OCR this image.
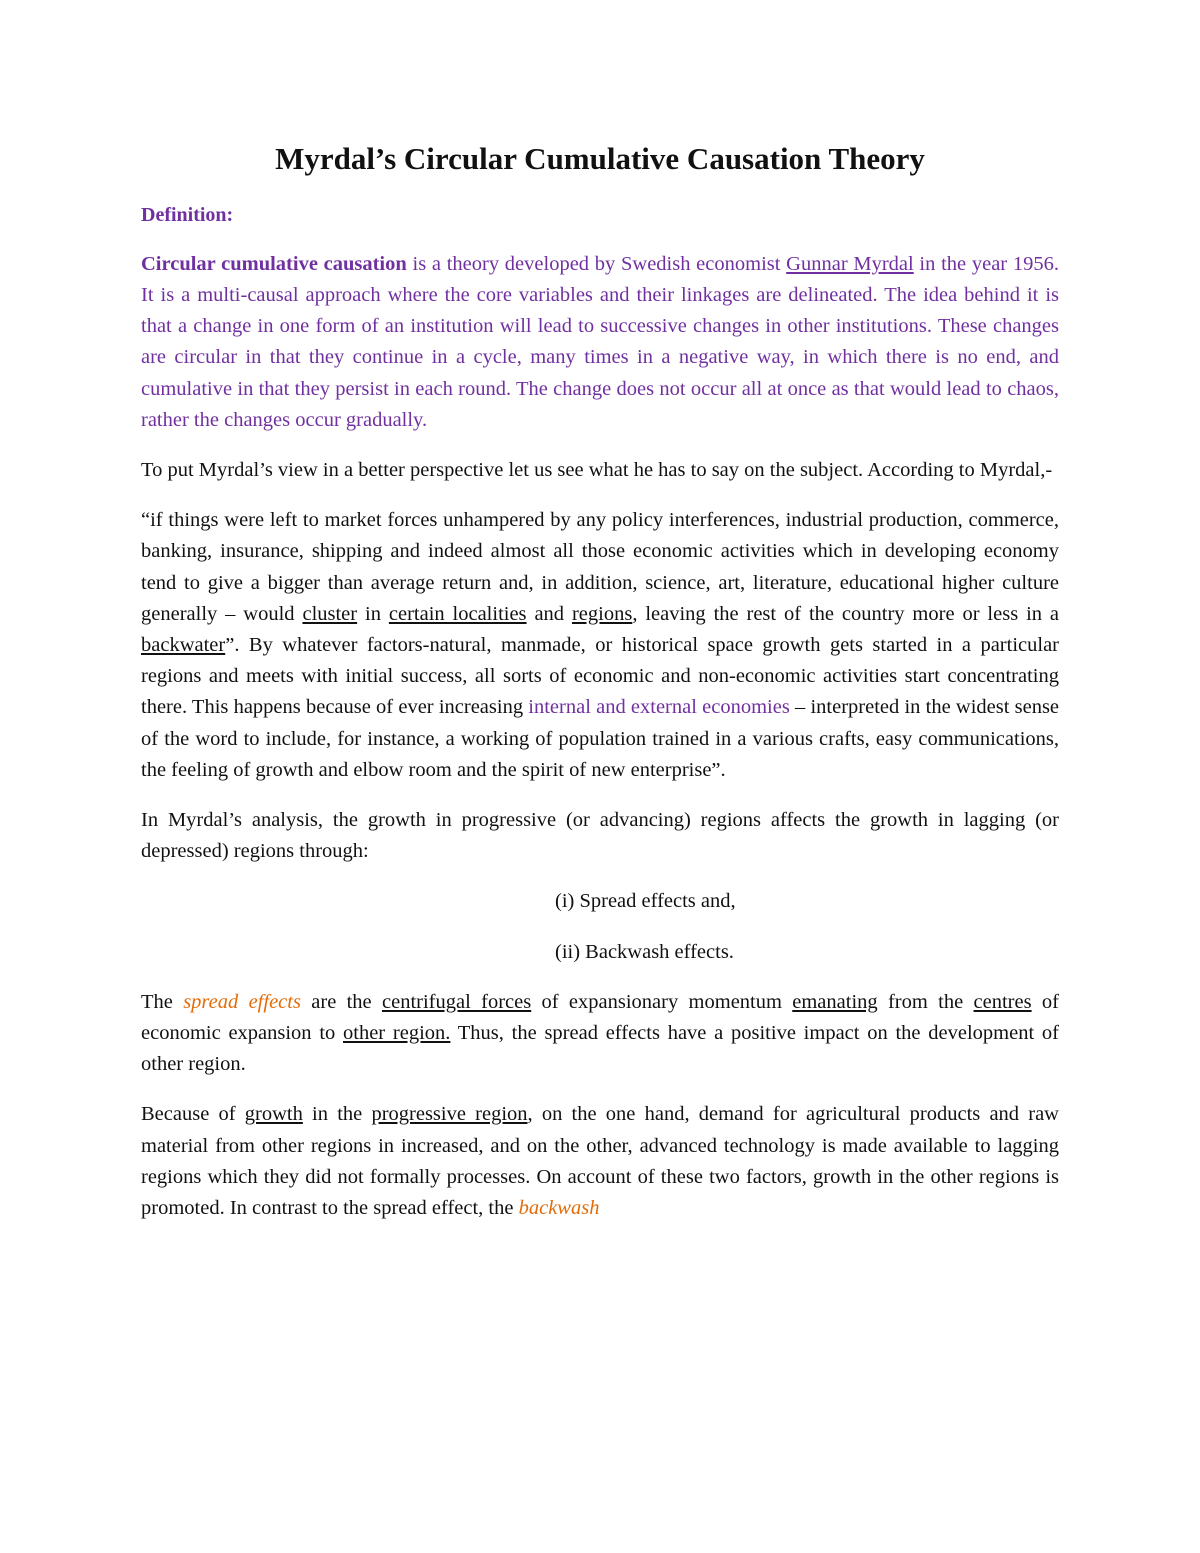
Myrdal’s Circular Cumulative Causation Theory
Definition:

Circular cumulative causation is a theory developed by Swedish economist Gunnar Myrdal in the year 1956. It is a multi-causal approach where the core variables and their linkages are delineated. The idea behind it is that a change in one form of an institution will lead to successive changes in other institutions. These changes are circular in that they continue in a cycle, many times in a negative way, in which there is no end, and cumulative in that they persist in each round. The change does not occur all at once as that would lead to chaos, rather the changes occur gradually.

To put Myrdal’s view in a better perspective let us see what he has to say on the subject. According to Myrdal,-

“if things were left to market forces unhampered by any policy interferences, industrial production, commerce, banking, insurance, shipping and indeed almost all those economic activities which in developing economy tend to give a bigger than average return and, in addition, science, art, literature, educational higher culture generally – would cluster in certain localities and regions, leaving the rest of the country more or less in a backwater”. By whatever factors-natural, manmade, or historical space growth gets started in a particular regions and meets with initial success, all sorts of economic and non-economic activities start concentrating there. This happens because of ever increasing internal and external economies – interpreted in the widest sense of the word to include, for instance, a working of population trained in a various crafts, easy communications, the feeling of growth and elbow room and the spirit of new enterprise”.

In Myrdal’s analysis, the growth in progressive (or advancing) regions affects the growth in lagging (or depressed) regions through:

(i) Spread effects and,
(ii) Backwash effects.

The spread effects are the centrifugal forces of expansionary momentum emanating from the centres of economic expansion to other region. Thus, the spread effects have a positive impact on the development of other region.

Because of growth in the progressive region, on the one hand, demand for agricultural products and raw material from other regions in increased, and on the other, advanced technology is made available to lagging regions which they did not formally processes. On account of these two factors, growth in the other regions is promoted. In contrast to the spread effect, the backwash
